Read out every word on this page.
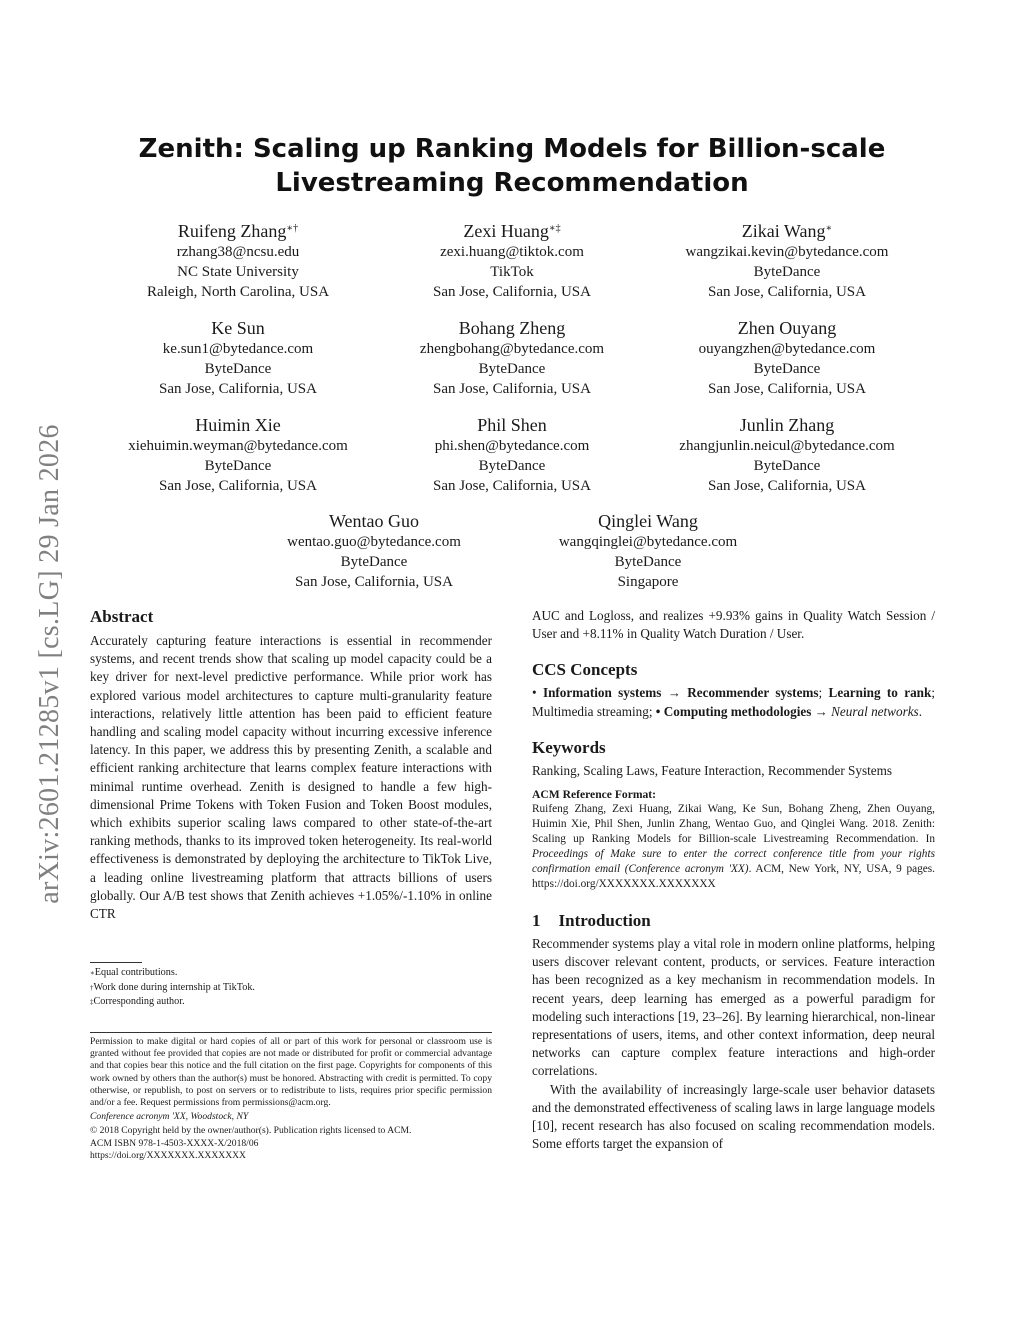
arXiv:2601.21285v1 [cs.LG] 29 Jan 2026
Zenith: Scaling up Ranking Models for Billion-scale
Livestreaming Recommendation
Ruifeng Zhang∗†
rzhang38@ncsu.edu
NC State University
Raleigh, North Carolina, USA
Zexi Huang∗‡
zexi.huang@tiktok.com
TikTok
San Jose, California, USA
Zikai Wang∗
wangzikai.kevin@bytedance.com
ByteDance
San Jose, California, USA
Ke Sun
ke.sun1@bytedance.com
ByteDance
San Jose, California, USA
Bohang Zheng
zhengbohang@bytedance.com
ByteDance
San Jose, California, USA
Zhen Ouyang
ouyangzhen@bytedance.com
ByteDance
San Jose, California, USA
Huimin Xie
xiehuimin.weyman@bytedance.com
ByteDance
San Jose, California, USA
Phil Shen
phi.shen@bytedance.com
ByteDance
San Jose, California, USA
Junlin Zhang
zhangjunlin.neicul@bytedance.com
ByteDance
San Jose, California, USA
Wentao Guo
wentao.guo@bytedance.com
ByteDance
San Jose, California, USA
Qinglei Wang
wangqinglei@bytedance.com
ByteDance
Singapore
Abstract

Accurately capturing feature interactions is essential in recommender systems, and recent trends show that scaling up model capacity could be a key driver for next-level predictive performance. While prior work has explored various model architectures to capture multi-granularity feature interactions, relatively little attention has been paid to efficient feature handling and scaling model capacity without incurring excessive inference latency. In this paper, we address this by presenting Zenith, a scalable and efficient ranking architecture that learns complex feature interactions with minimal runtime overhead. Zenith is designed to handle a few high-dimensional Prime Tokens with Token Fusion and Token Boost modules, which exhibits superior scaling laws compared to other state-of-the-art ranking methods, thanks to its improved token heterogeneity. Its real-world effectiveness is demonstrated by deploying the architecture to TikTok Live, a leading online livestreaming platform that attracts billions of users globally. Our A/B test shows that Zenith achieves +1.05%/-1.10% in online CTR

∗Equal contributions.
†Work done during internship at TikTok.
‡Corresponding author.

Permission to make digital or hard copies of all or part of this work for personal or classroom use is granted without fee provided that copies are not made or distributed for profit or commercial advantage and that copies bear this notice and the full citation on the first page. Copyrights for components of this work owned by others than the author(s) must be honored. Abstracting with credit is permitted. To copy otherwise, or republish, to post on servers or to redistribute to lists, requires prior specific permission and/or a fee. Request permissions from permissions@acm.org.

Conference acronym 'XX, Woodstock, NY

© 2018 Copyright held by the owner/author(s). Publication rights licensed to ACM.

ACM ISBN 978-1-4503-XXXX-X/2018/06

https://doi.org/XXXXXXX.XXXXXXX

AUC and Logloss, and realizes +9.93% gains in Quality Watch Session / User and +8.11% in Quality Watch Duration / User.

CCS Concepts

• Information systems → Recommender systems; Learning to rank; Multimedia streaming; • Computing methodologies → Neural networks.

Keywords

Ranking, Scaling Laws, Feature Interaction, Recommender Systems

ACM Reference Format:

Ruifeng Zhang, Zexi Huang, Zikai Wang, Ke Sun, Bohang Zheng, Zhen Ouyang, Huimin Xie, Phil Shen, Junlin Zhang, Wentao Guo, and Qinglei Wang. 2018. Zenith: Scaling up Ranking Models for Billion-scale Livestreaming Recommendation. In Proceedings of Make sure to enter the correct conference title from your rights confirmation email (Conference acronym 'XX). ACM, New York, NY, USA, 9 pages. https://doi.org/XXXXXXX.XXXXXXX

1 Introduction

Recommender systems play a vital role in modern online platforms, helping users discover relevant content, products, or services. Feature interaction has been recognized as a key mechanism in recommendation models. In recent years, deep learning has emerged as a powerful paradigm for modeling such interactions [19, 23–26]. By learning hierarchical, non-linear representations of users, items, and other context information, deep neural networks can capture complex feature interactions and high-order correlations.

With the availability of increasingly large-scale user behavior datasets and the demonstrated effectiveness of scaling laws in large language models [10], recent research has also focused on scaling recommendation models. Some efforts target the expansion of
